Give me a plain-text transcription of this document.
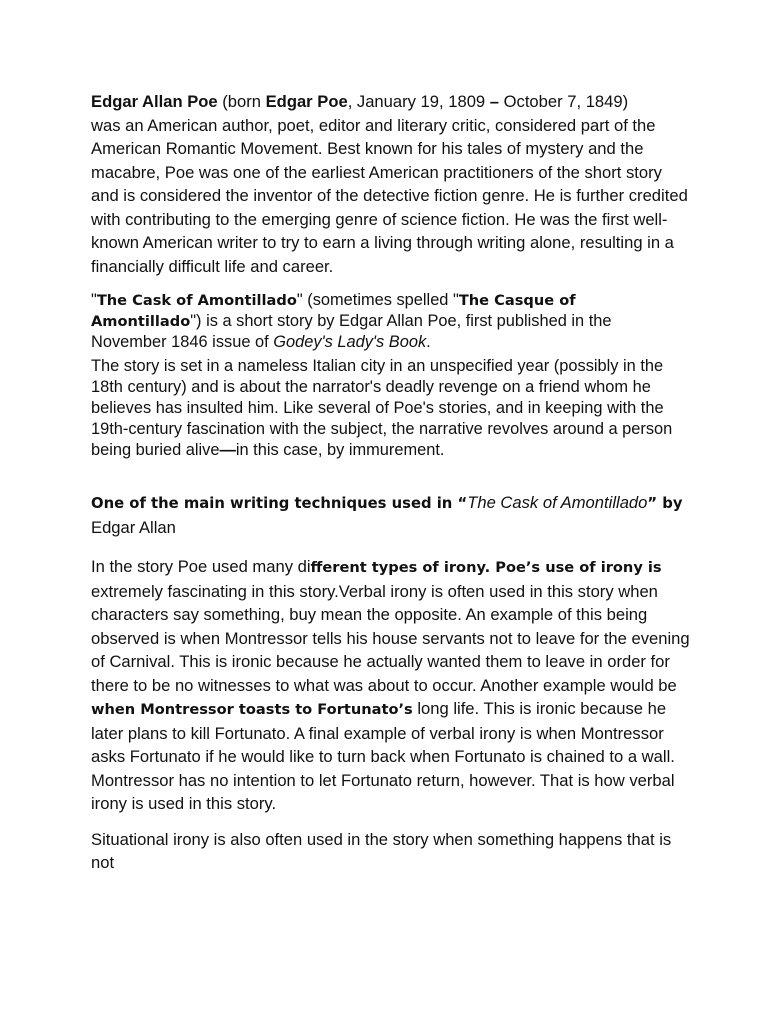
Edgar Allan Poe (born Edgar Poe, January 19, 1809 – October 7, 1849)
was an American author, poet, editor and literary critic, considered part of the American Romantic Movement. Best known for his tales of mystery and the macabre, Poe was one of the earliest American practitioners of the short story and is considered the inventor of the detective fiction genre. He is further credited with contributing to the emerging genre of science fiction. He was the first well-known American writer to try to earn a living through writing alone, resulting in a financially difficult life and career.

"The Cask of Amontillado" (sometimes spelled "The Casque of Amontillado") is a short story by Edgar Allan Poe, first published in the November 1846 issue of Godey's Lady's Book.

The story is set in a nameless Italian city in an unspecified year (possibly in the 18th century) and is about the narrator's deadly revenge on a friend whom he believes has insulted him. Like several of Poe's stories, and in keeping with the 19th-century fascination with the subject, the narrative revolves around a person being buried alive—in this case, by immurement.

One of the main writing techniques used in “The Cask of Amontillado” by
Edgar Allan

In the story Poe used many different types of irony. Poe’s use of irony is extremely fascinating in this story.Verbal irony is often used in this story when characters say something, buy mean the opposite. An example of this being observed is when Montressor tells his house servants not to leave for the evening of Carnival. This is ironic because he actually wanted them to leave in order for there to be no witnesses to what was about to occur. Another example would be when Montressor toasts to Fortunato’s long life. This is ironic because he later plans to kill Fortunato. A final example of verbal irony is when Montressor asks Fortunato if he would like to turn back when Fortunato is chained to a wall. Montressor has no intention to let Fortunato return, however. That is how verbal irony is used in this story.

Situational irony is also often used in the story when something happens that is not
